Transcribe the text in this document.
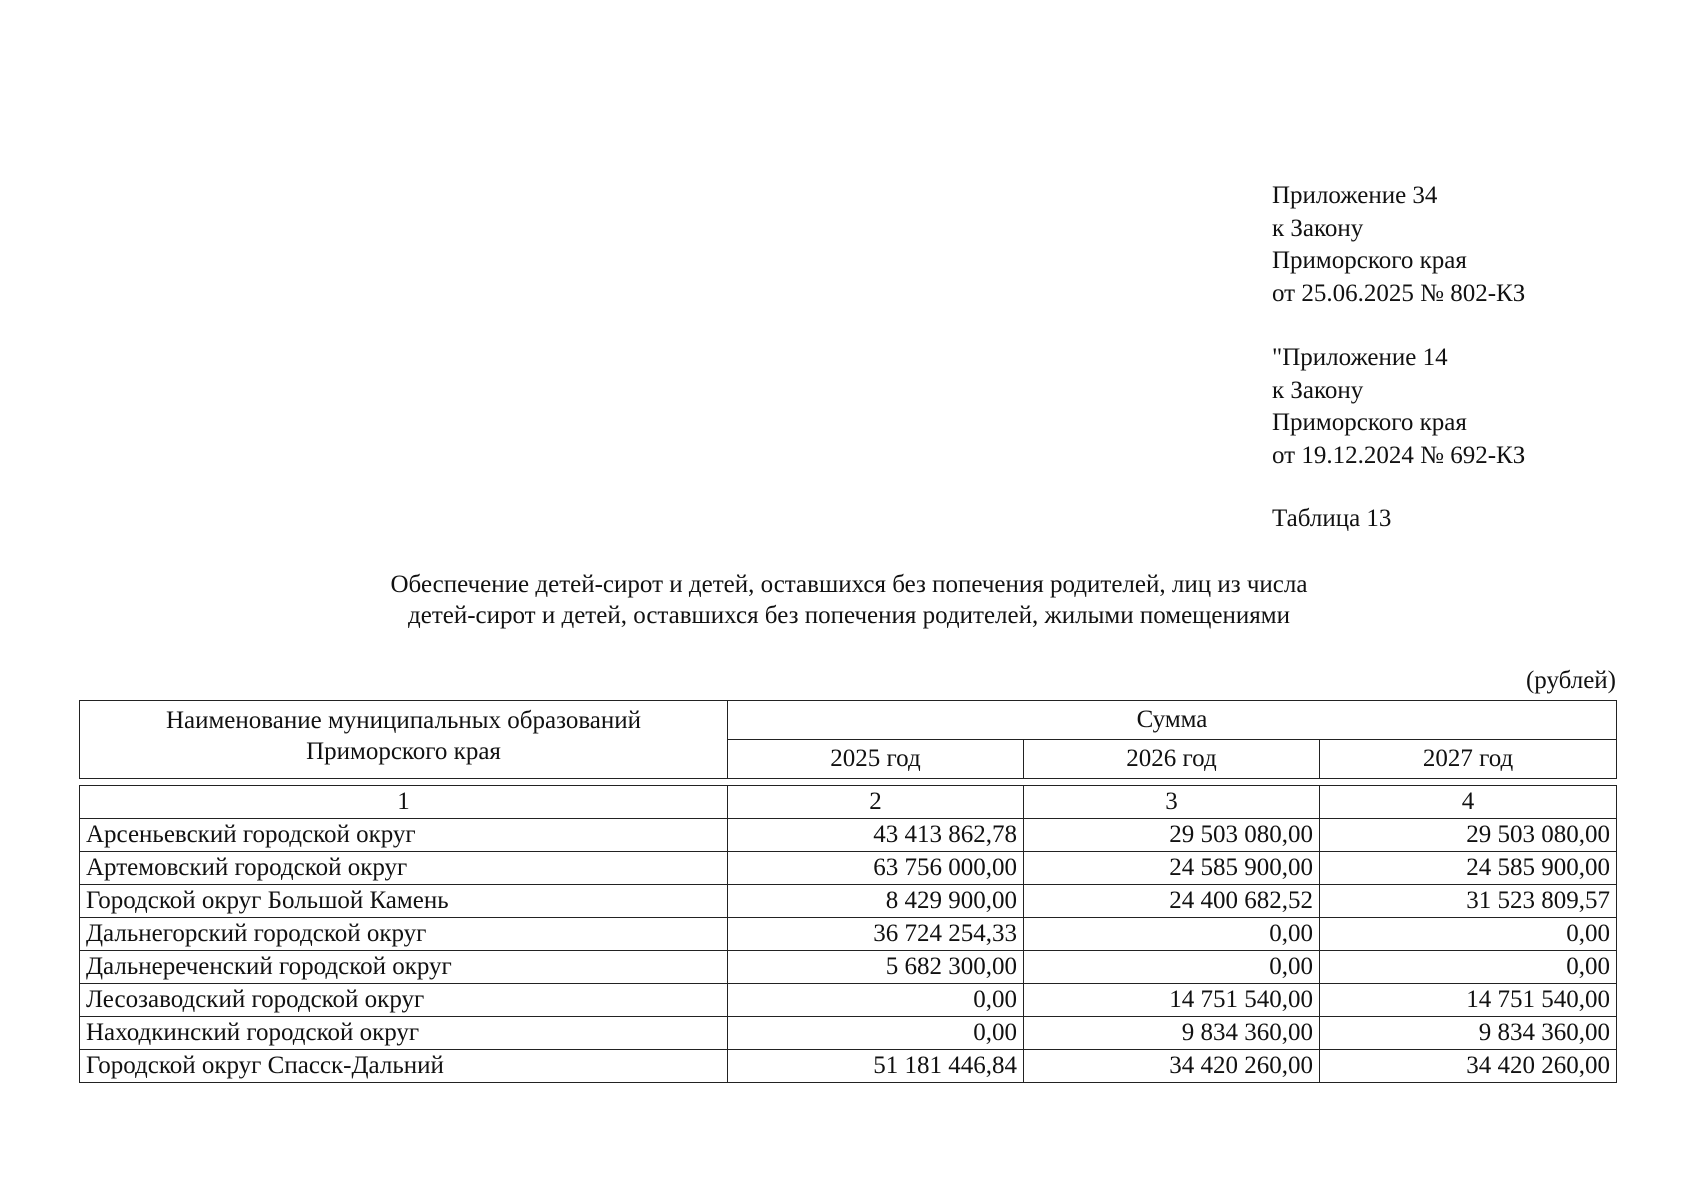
Приложение 34
к Закону
Приморского края
от 25.06.2025 № 802-КЗ
"Приложение 14
к Закону
Приморского края
от 19.12.2024 № 692-КЗ
Таблица 13
Обеспечение детей-сирот и детей, оставшихся без попечения родителей, лиц из числа
детей-сирот и детей, оставшихся без попечения родителей, жилыми помещениями
(рублей)
Наименование муниципальных образований
Приморского края	Сумма		
	2025 год	2026 год	2027 год
1	2	3	4
Арсеньевский городской округ	43 413 862,78	29 503 080,00	29 503 080,00
Артемовский городской округ	63 756 000,00	24 585 900,00	24 585 900,00
Городской округ Большой Камень	8 429 900,00	24 400 682,52	31 523 809,57
Дальнегорский городской округ	36 724 254,33	0,00	0,00
Дальнереченский городской округ	5 682 300,00	0,00	0,00
Лесозаводский городской округ	0,00	14 751 540,00	14 751 540,00
Находкинский городской округ	0,00	9 834 360,00	9 834 360,00
Городской округ Спасск-Дальний	51 181 446,84	34 420 260,00	34 420 260,00
